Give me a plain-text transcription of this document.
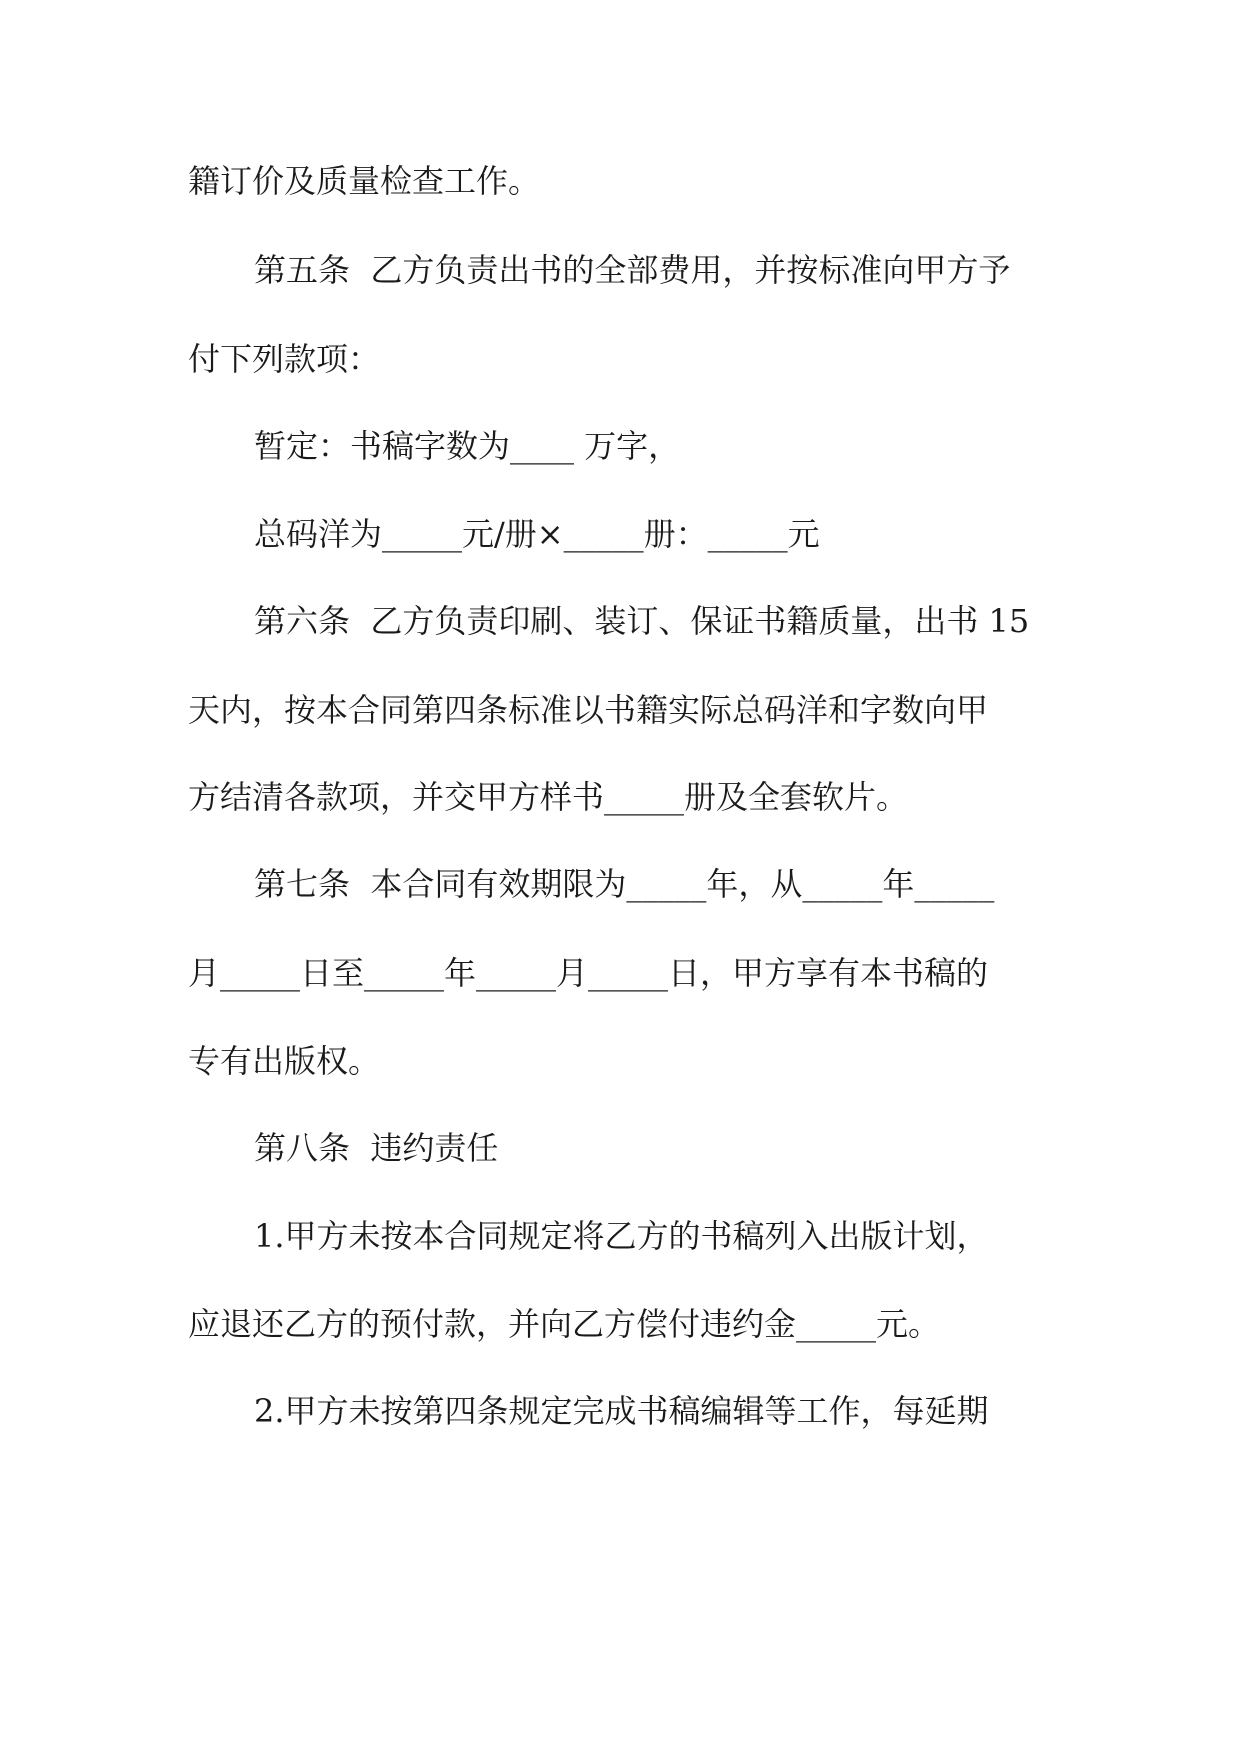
籍订价及质量检查工作。
第五条  乙方负责出书的全部费用，并按标准向甲方予
付下列款项：
暂定：书稿字数为____ 万字，
总码洋为_____元/册×_____册：_____元
第六条  乙方负责印刷、装订、保证书籍质量，出书 15
天内，按本合同第四条标准以书籍实际总码洋和字数向甲
方结清各款项，并交甲方样书_____册及全套软片。
第七条  本合同有效期限为_____年，从_____年_____
月_____日至_____年_____月_____日，甲方享有本书稿的
专有出版权。
第八条  违约责任
1.甲方未按本合同规定将乙方的书稿列入出版计划，
应退还乙方的预付款，并向乙方偿付违约金_____元。
2.甲方未按第四条规定完成书稿编辑等工作，每延期
